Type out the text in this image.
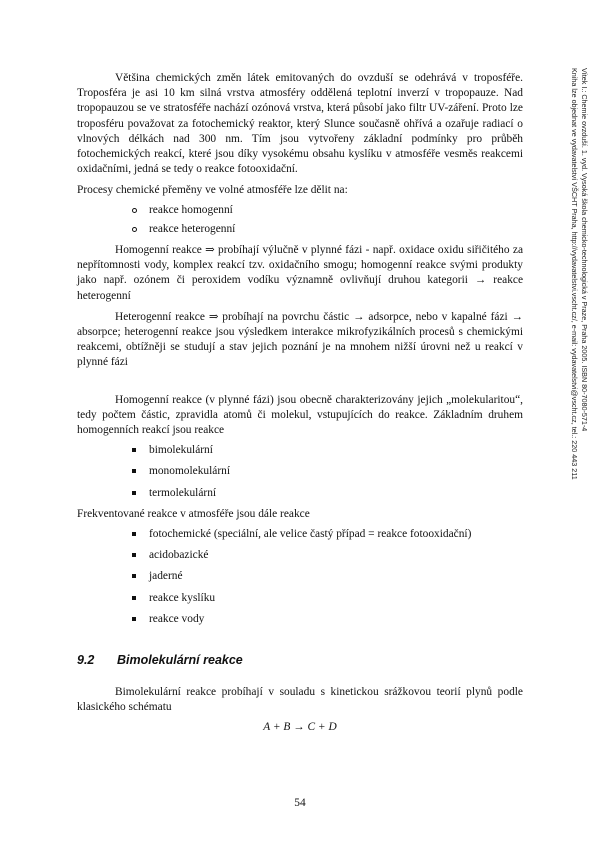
Většina chemických změn látek emitovaných do ovzduší se odehrává v troposféře. Troposféra je asi 10 km silná vrstva atmosféry oddělená teplotní inverzí v tropopauze. Nad tropopauzou se ve stratosféře nachází ozónová vrstva, která působí jako filtr UV-záření. Proto lze troposféru považovat za fotochemický reaktor, který Slunce současně ohřívá a ozařuje radiací o vlnových délkách nad 300 nm. Tím jsou vytvořeny základní podmínky pro průběh fotochemických reakcí, které jsou díky vysokému obsahu kyslíku v atmosféře vesměs reakcemi oxidačními, jedná se tedy o reakce fotooxidační.

Procesy chemické přeměny ve volné atmosféře lze dělit na:

reakce homogenní
reakce heterogenní

Homogenní reakce ⇒ probíhají výlučně v plynné fázi - např. oxidace oxidu siřičitého za nepřítomnosti vody, komplex reakcí tzv. oxidačního smogu; homogenní reakce svými produkty jako např. ozónem či peroxidem vodíku významně ovlivňují druhou kategorii → reakce heterogenní

Heterogenní reakce ⇒ probíhají na povrchu částic → adsorpce, nebo v kapalné fázi → absorpce; heterogenní reakce jsou výsledkem interakce mikrofyzikálních procesů s chemickými reakcemi, obtížněji se studují a stav jejich poznání je na mnohem nižší úrovni než u reakcí v plynné fázi

Homogenní reakce (v plynné fázi) jsou obecně charakterizovány jejich „molekularitou“, tedy počtem částic, zpravidla atomů či molekul, vstupujících do reakce. Základním druhem homogenních reakcí jsou reakce

bimolekulární
monomolekulární
termolekulární

Frekventované reakce v atmosféře jsou dále reakce

fotochemické (speciální, ale velice častý případ = reakce fotooxidační)
acidobazické
jaderné
reakce kyslíku
reakce vody
9.2 Bimolekulární reakce

Bimolekulární reakce probíhají v souladu s kinetickou srážkovou teorií plynů podle klasického schématu

A + B → C + D
54
Vítek I.: Chemie ovzduší. 1. vyd. Vysoká škola chemicko-technologická v Praze, Praha 2005. ISBN 80-7080-571-4
Kniha lze objednat ve vydavatelství VŠCHT Praha, http://vydavatelstvi.vscht.cz/, e-mail: vydavatelstvi@vscht.cz, tel.: 220 443 211
